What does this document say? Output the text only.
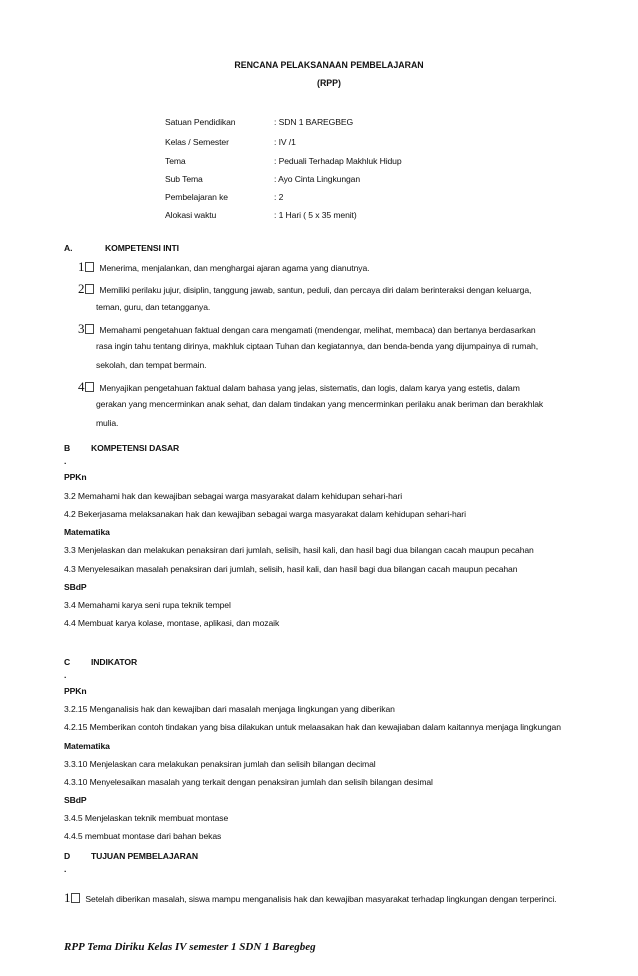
RENCANA PELAKSANAAN PEMBELAJARAN
(RPP)
Satuan Pendidikan	: SDN 1 BAREGBEG
Kelas / Semester	: IV /1
Tema	: Peduali Terhadap Makhluk Hidup
Sub Tema	: Ayo Cinta Lingkungan
Pembelajaran ke	: 2
Alokasi waktu	: 1 Hari ( 5 x 35 menit)
A.	KOMPETENSI INTI
1 Menerima, menjalankan, dan menghargai ajaran agama yang dianutnya.
2 Memiliki perilaku jujur, disiplin, tanggung jawab, santun, peduli, dan percaya diri dalam berinteraksi dengan keluarga,
teman, guru, dan tetangganya.
3 Memahami pengetahuan faktual dengan cara mengamati (mendengar, melihat, membaca) dan bertanya berdasarkan
rasa ingin tahu tentang dirinya, makhluk ciptaan Tuhan dan kegiatannya, dan benda-benda yang dijumpainya di rumah,
sekolah, dan tempat bermain.
4 Menyajikan pengetahuan faktual dalam bahasa yang jelas, sistematis, dan logis, dalam karya yang estetis, dalam
gerakan yang mencerminkan anak sehat, dan dalam tindakan yang mencerminkan perilaku anak beriman dan berakhlak
mulia.
B KOMPETENSI DASAR
.
PPKn
3.2 Memahami hak dan kewajiban sebagai warga masyarakat dalam kehidupan sehari-hari
4.2 Bekerjasama melaksanakan hak dan kewajiban sebagai warga masyarakat dalam kehidupan sehari-hari
Matematika
3.3 Menjelaskan dan melakukan penaksiran dari jumlah, selisih, hasil kali, dan hasil bagi dua bilangan cacah maupun pecahan
4.3 Menyelesaikan masalah penaksiran dari jumlah, selisih, hasil kali, dan hasil bagi dua bilangan cacah maupun pecahan
SBdP
3.4 Memahami karya seni rupa teknik tempel
4.4 Membuat karya kolase, montase, aplikasi, dan mozaik
C INDIKATOR
.
PPKn
3.2.15 Menganalisis hak dan kewajiban dari masalah menjaga lingkungan yang diberikan
4.2.15 Memberikan contoh tindakan yang bisa dilakukan untuk melaasakan hak dan kewajiaban dalam kaitannya menjaga lingkungan
Matematika
3.3.10 Menjelaskan cara melakukan penaksiran jumlah dan selisih bilangan decimal
4.3.10 Menyelesaikan masalah yang terkait dengan penaksiran jumlah dan selisih bilangan desimal
SBdP
3.4.5 Menjelaskan teknik membuat montase
4.4.5 membuat montase dari bahan bekas
D TUJUAN PEMBELAJARAN
.
1 Setelah diberikan masalah, siswa mampu menganalisis hak dan kewajiban masyarakat terhadap lingkungan dengan terperinci.
RPP Tema Diriku Kelas IV semester 1 SDN 1 Baregbeg
